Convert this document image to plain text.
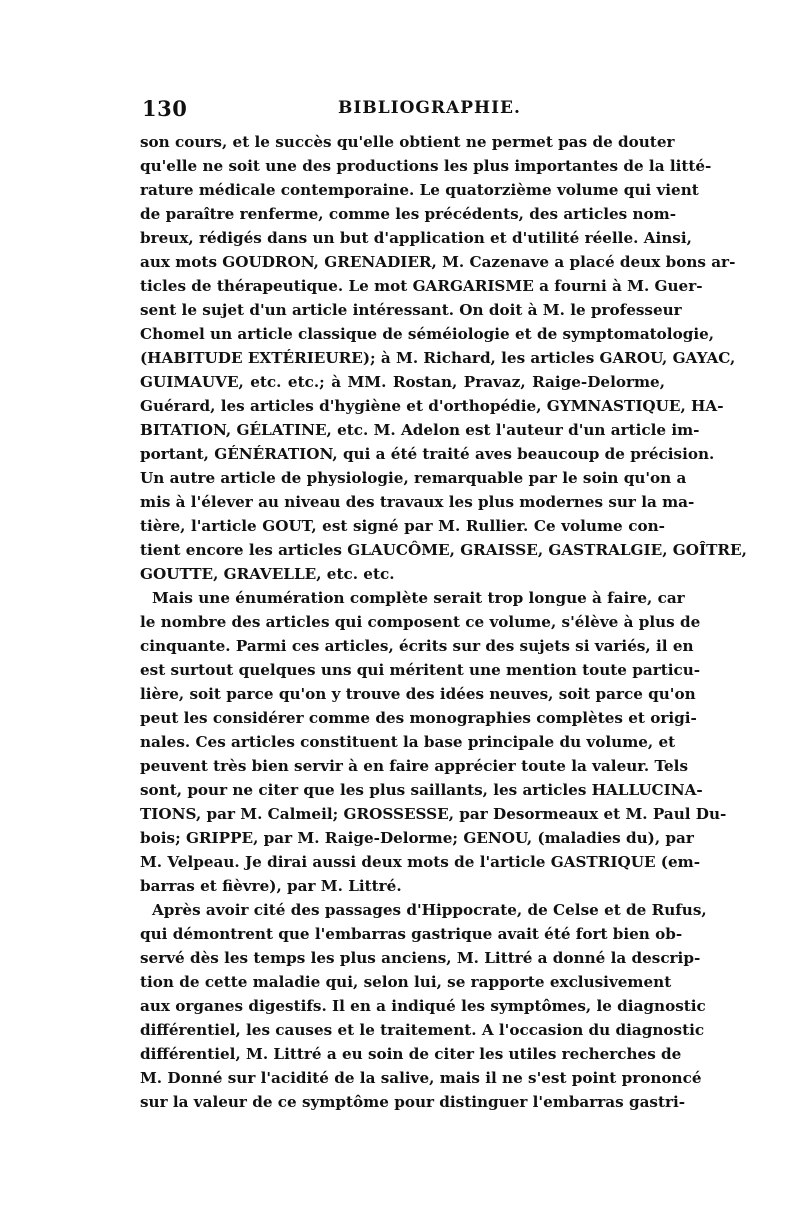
130	BIBLIOGRAPHIE.
son cours, et le succès qu'elle obtient ne permet pas de douter
qu'elle ne soit une des productions les plus importantes de la litté-
rature médicale contemporaine. Le quatorzième volume qui vient
de paraître renferme, comme les précédents, des articles nom-
breux, rédigés dans un but d'application et d'utilité réelle. Ainsi,
aux mots GOUDRON, GRENADIER, M. Cazenave a placé deux bons ar-
ticles de thérapeutique. Le mot GARGARISME a fourni à M. Guer-
sent le sujet d'un article intéressant. On doit à M. le professeur
Chomel un article classique de séméiologie et de symptomatologie,
(HABITUDE EXTÉRIEURE); à M. Richard, les articles GAROU, GAYAC,
GUIMAUVE, etc. etc.; à MM. Rostan, Pravaz, Raige-Delorme,
Guérard, les articles d'hygiène et d'orthopédie, GYMNASTIQUE, HA-
BITATION, GÉLATINE, etc. M. Adelon est l'auteur d'un article im-
portant, GÉNÉRATION, qui a été traité aves beaucoup de précision.
Un autre article de physiologie, remarquable par le soin qu'on a
mis à l'élever au niveau des travaux les plus modernes sur la ma-
tière, l'article GOUT, est signé par M. Rullier. Ce volume con-
tient encore les articles GLAUCÔME, GRAISSE, GASTRALGIE, GOÎTRE,
GOUTTE, GRAVELLE, etc. etc.
Mais une énumération complète serait trop longue à faire, car
le nombre des articles qui composent ce volume, s'élève à plus de
cinquante. Parmi ces articles, écrits sur des sujets si variés, il en
est surtout quelques uns qui méritent une mention toute particu-
lière, soit parce qu'on y trouve des idées neuves, soit parce qu'on
peut les considérer comme des monographies complètes et origi-
nales. Ces articles constituent la base principale du volume, et
peuvent très bien servir à en faire apprécier toute la valeur. Tels
sont, pour ne citer que les plus saillants, les articles HALLUCINA-
TIONS, par M. Calmeil; GROSSESSE, par Desormeaux et M. Paul Du-
bois; GRIPPE, par M. Raige-Delorme; GENOU, (maladies du), par
M. Velpeau. Je dirai aussi deux mots de l'article GASTRIQUE (em-
barras et fièvre), par M. Littré.
Après avoir cité des passages d'Hippocrate, de Celse et de Rufus,
qui démontrent que l'embarras gastrique avait été fort bien ob-
servé dès les temps les plus anciens, M. Littré a donné la descrip-
tion de cette maladie qui, selon lui, se rapporte exclusivement
aux organes digestifs. Il en a indiqué les symptômes, le diagnostic
différentiel, les causes et le traitement. A l'occasion du diagnostic
différentiel, M. Littré a eu soin de citer les utiles recherches de
M. Donné sur l'acidité de la salive, mais il ne s'est point prononcé
sur la valeur de ce symptôme pour distinguer l'embarras gastri-
